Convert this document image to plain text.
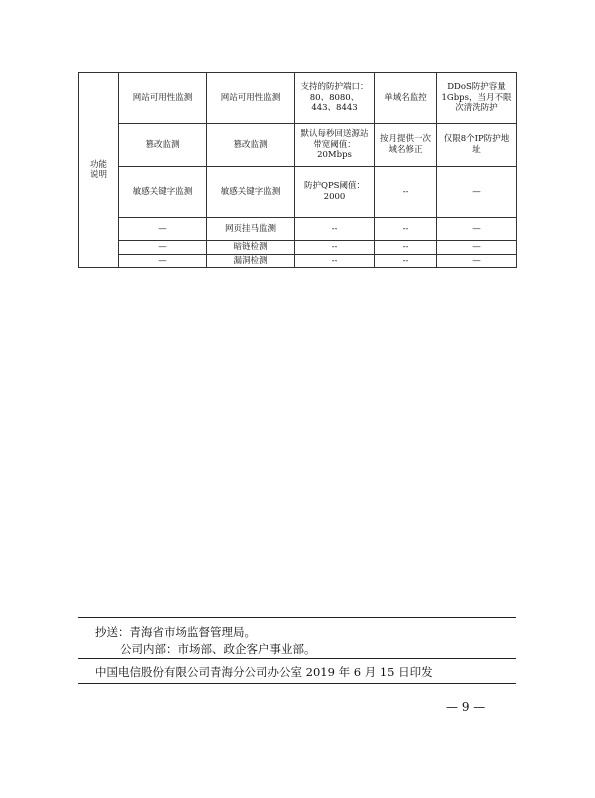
功能说明	网站可用性监测	网站可用性监测	支持的防护端口：80、8080、443、8443	单域名监控	DDoS防护容量1Gbps，当月不限次清洗防护
	篡改监测	篡改监测	默认每秒回送源站带宽阈值：20Mbps	按月提供一次域名修正	仅限8个IP防护地址
	敏感关键字监测	敏感关键字监测	防护QPS阈值：2000	--	—
	—	网页挂马监测	--	--	—
	—	暗链检测	--	--	—
	—	漏洞检测	--	--	—
抄送：青海省市场监督管理局。
公司内部：市场部、政企客户事业部。
中国电信股份有限公司青海分公司办公室 2019 年 6 月 15 日印发
— 9 —
